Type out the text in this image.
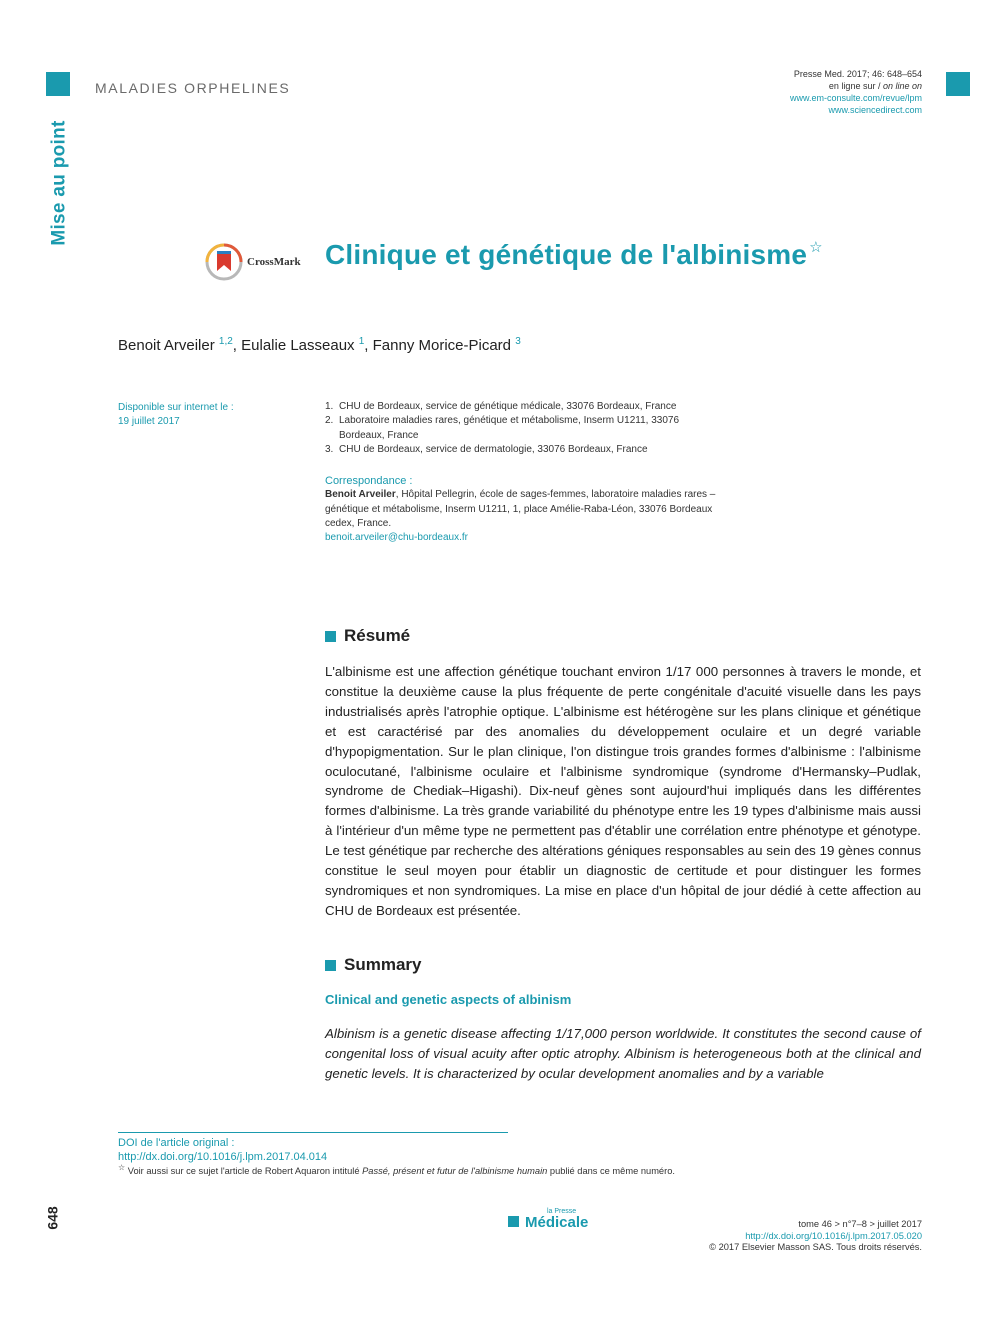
Mise au point
MALADIES ORPHELINES
Presse Med. 2017; 46: 648–654
en ligne sur / on line on
www.em-consulte.com/revue/lpm
www.sciencedirect.com
CrossMark Clinique et génétique de l'albinisme ☆
Benoit Arveiler $^{1,2}$, Eulalie Lasseaux $^1$, Fanny Morice-Picard $^3$
Disponible sur internet le :
19 juillet 2017
1. CHU de Bordeaux, service de génétique médicale, 33076 Bordeaux, France
2. Laboratoire maladies rares, génétique et métabolisme, Inserm U1211, 33076 Bordeaux, France
3. CHU de Bordeaux, service de dermatologie, 33076 Bordeaux, France
Correspondance :
Benoit Arveiler, Hôpital Pellegrin, école de sages-femmes, laboratoire maladies rares – génétique et métabolisme, Inserm U1211, 1, place Amélie-Raba-Léon, 33076 Bordeaux cedex, France.
benoit.arveiler@chu-bordeaux.fr
Résumé
L'albinisme est une affection génétique touchant environ 1/17 000 personnes à travers le monde, et constitue la deuxième cause la plus fréquente de perte congénitale d'acuité visuelle dans les pays industrialisés après l'atrophie optique. L'albinisme est hétérogène sur les plans clinique et génétique et est caractérisé par des anomalies du développement oculaire et un degré variable d'hypopigmentation. Sur le plan clinique, l'on distingue trois grandes formes d'albinisme : l'albinisme oculocutané, l'albinisme oculaire et l'albinisme syndromique (syndrome d'Hermansky–Pudlak, syndrome de Chediak–Higashi). Dix-neuf gènes sont aujourd'hui impliqués dans les différentes formes d'albinisme. La très grande variabilité du phénotype entre les 19 types d'albinisme mais aussi à l'intérieur d'un même type ne permettent pas d'établir une corrélation entre phénotype et génotype. Le test génétique par recherche des altérations géniques responsables au sein des 19 gènes connus constitue le seul moyen pour établir un diagnostic de certitude et pour distinguer les formes syndromiques et non syndromiques. La mise en place d'un hôpital de jour dédié à cette affection au CHU de Bordeaux est présentée.
Summary
Clinical and genetic aspects of albinism
Albinism is a genetic disease affecting 1/17,000 person worldwide. It constitutes the second cause of congenital loss of visual acuity after optic atrophy. Albinism is heterogeneous both at the clinical and genetic levels. It is characterized by ocular development anomalies and by a variable
DOI de l'article original :
http://dx.doi.org/10.1016/j.lpm.2017.04.014
☆ Voir aussi sur ce sujet l'article de Robert Aquaron intitulé Passé, présent et futur de l'albinisme humain publié dans ce même numéro.
648	la Presse
Médicale	tome 46 > n°7–8 > juillet 2017
http://dx.doi.org/10.1016/j.lpm.2017.05.020
© 2017 Elsevier Masson SAS. Tous droits réservés.
